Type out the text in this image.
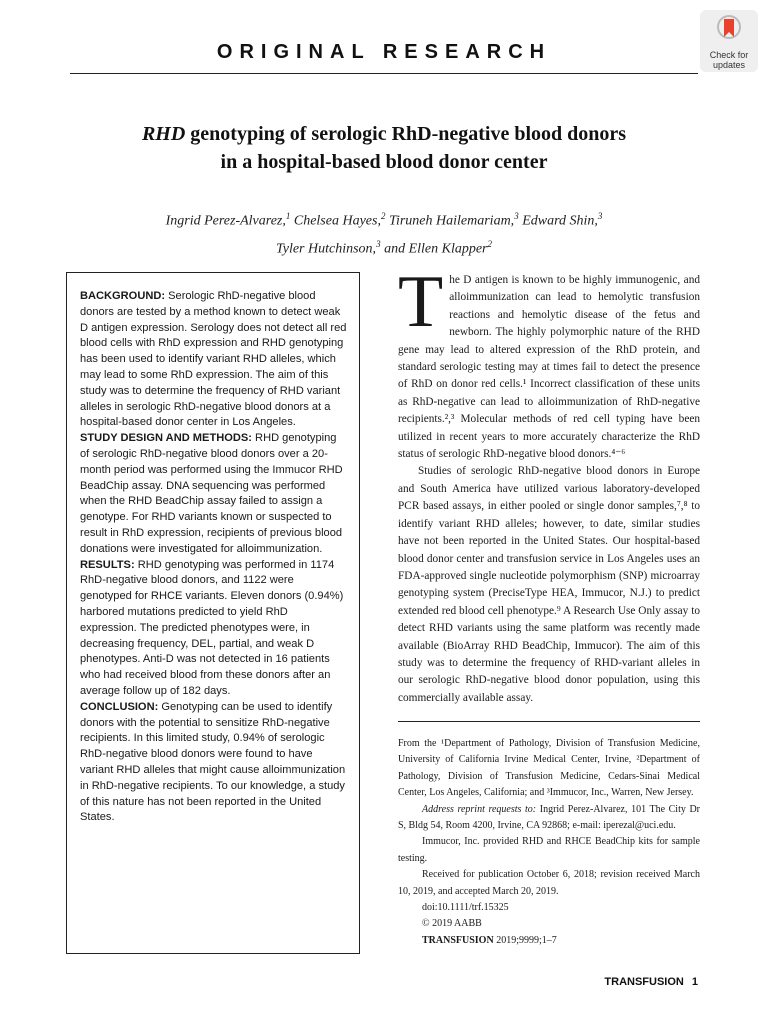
ORIGINAL RESEARCH	Check for
updates
RHD genotyping of serologic RhD-negative blood donors
in a hospital-based blood donor center
Ingrid Perez-Alvarez,$^1$ Chelsea Hayes,$^2$ Tiruneh Hailemariam,$^3$ Edward Shin,$^3$
Tyler Hutchinson,$^3$ and Ellen Klapper$^2$

BACKGROUND: Serologic RhD-negative blood donors are tested by a method known to detect weak D antigen expression. Serology does not detect all red blood cells with RhD expression and RHD genotyping has been used to identify variant RHD alleles, which may lead to some RhD expression. The aim of this study was to determine the frequency of RHD variant alleles in serologic RhD-negative blood donors at a hospital-based donor center in Los Angeles.

STUDY DESIGN AND METHODS: RHD genotyping of serologic RhD-negative blood donors over a 20-month period was performed using the Immucor RHD BeadChip assay. DNA sequencing was performed when the RHD BeadChip assay failed to assign a genotype. For RHD variants known or suspected to result in RhD expression, recipients of previous blood donations were investigated for alloimmunization.

RESULTS: RHD genotyping was performed in 1174 RhD-negative blood donors, and 1122 were genotyped for RHCE variants. Eleven donors (0.94%) harbored mutations predicted to yield RhD expression. The predicted phenotypes were, in decreasing frequency, DEL, partial, and weak D phenotypes. Anti-D was not detected in 16 patients who had received blood from these donors after an average follow up of 182 days.

CONCLUSION: Genotyping can be used to identify donors with the potential to sensitize RhD-negative recipients. In this limited study, 0.94% of serologic RhD-negative blood donors were found to have variant RHD alleles that might cause alloimmunization in RhD-negative recipients. To our knowledge, a study of this nature has not been reported in the United States.

The D antigen is known to be highly immunogenic, and alloimmunization can lead to hemolytic transfusion reactions and hemolytic disease of the fetus and newborn. The highly polymorphic nature of the RHD gene may lead to altered expression of the RhD protein, and standard serologic testing may at times fail to detect the presence of RhD on donor red cells.¹ Incorrect classification of these units as RhD-negative can lead to alloimmunization of RhD-negative recipients.²,³ Molecular methods of red cell typing have been utilized in recent years to more accurately characterize the RhD status of serologic RhD-negative blood donors.⁴⁻⁶

Studies of serologic RhD-negative blood donors in Europe and South America have utilized various laboratory-developed PCR based assays, in either pooled or single donor samples,⁷,⁸ to identify variant RHD alleles; however, to date, similar studies have not been reported in the United States. Our hospital-based blood donor center and transfusion service in Los Angeles uses an FDA-approved single nucleotide polymorphism (SNP) microarray genotyping system (PreciseType HEA, Immucor, N.J.) to predict extended red blood cell phenotype.⁹ A Research Use Only assay to detect RHD variants using the same platform was recently made available (BioArray RHD BeadChip, Immucor). The aim of this study was to determine the frequency of RHD-variant alleles in our serologic RhD-negative blood donor population, using this commercially available assay.

From the ¹Department of Pathology, Division of Transfusion Medicine, University of California Irvine Medical Center, Irvine, ²Department of Pathology, Division of Transfusion Medicine, Cedars-Sinai Medical Center, Los Angeles, California; and ³Immucor, Inc., Warren, New Jersey.

Address reprint requests to: Ingrid Perez-Alvarez, 101 The City Dr S, Bldg 54, Room 4200, Irvine, CA 92868; e-mail: iperezal@uci.edu.

Immucor, Inc. provided RHD and RHCE BeadChip kits for sample testing.

Received for publication October 6, 2018; revision received March 10, 2019, and accepted March 20, 2019.

doi:10.1111/trf.15325

© 2019 AABB

TRANSFUSION 2019;9999;1–7

TRANSFUSION 1
